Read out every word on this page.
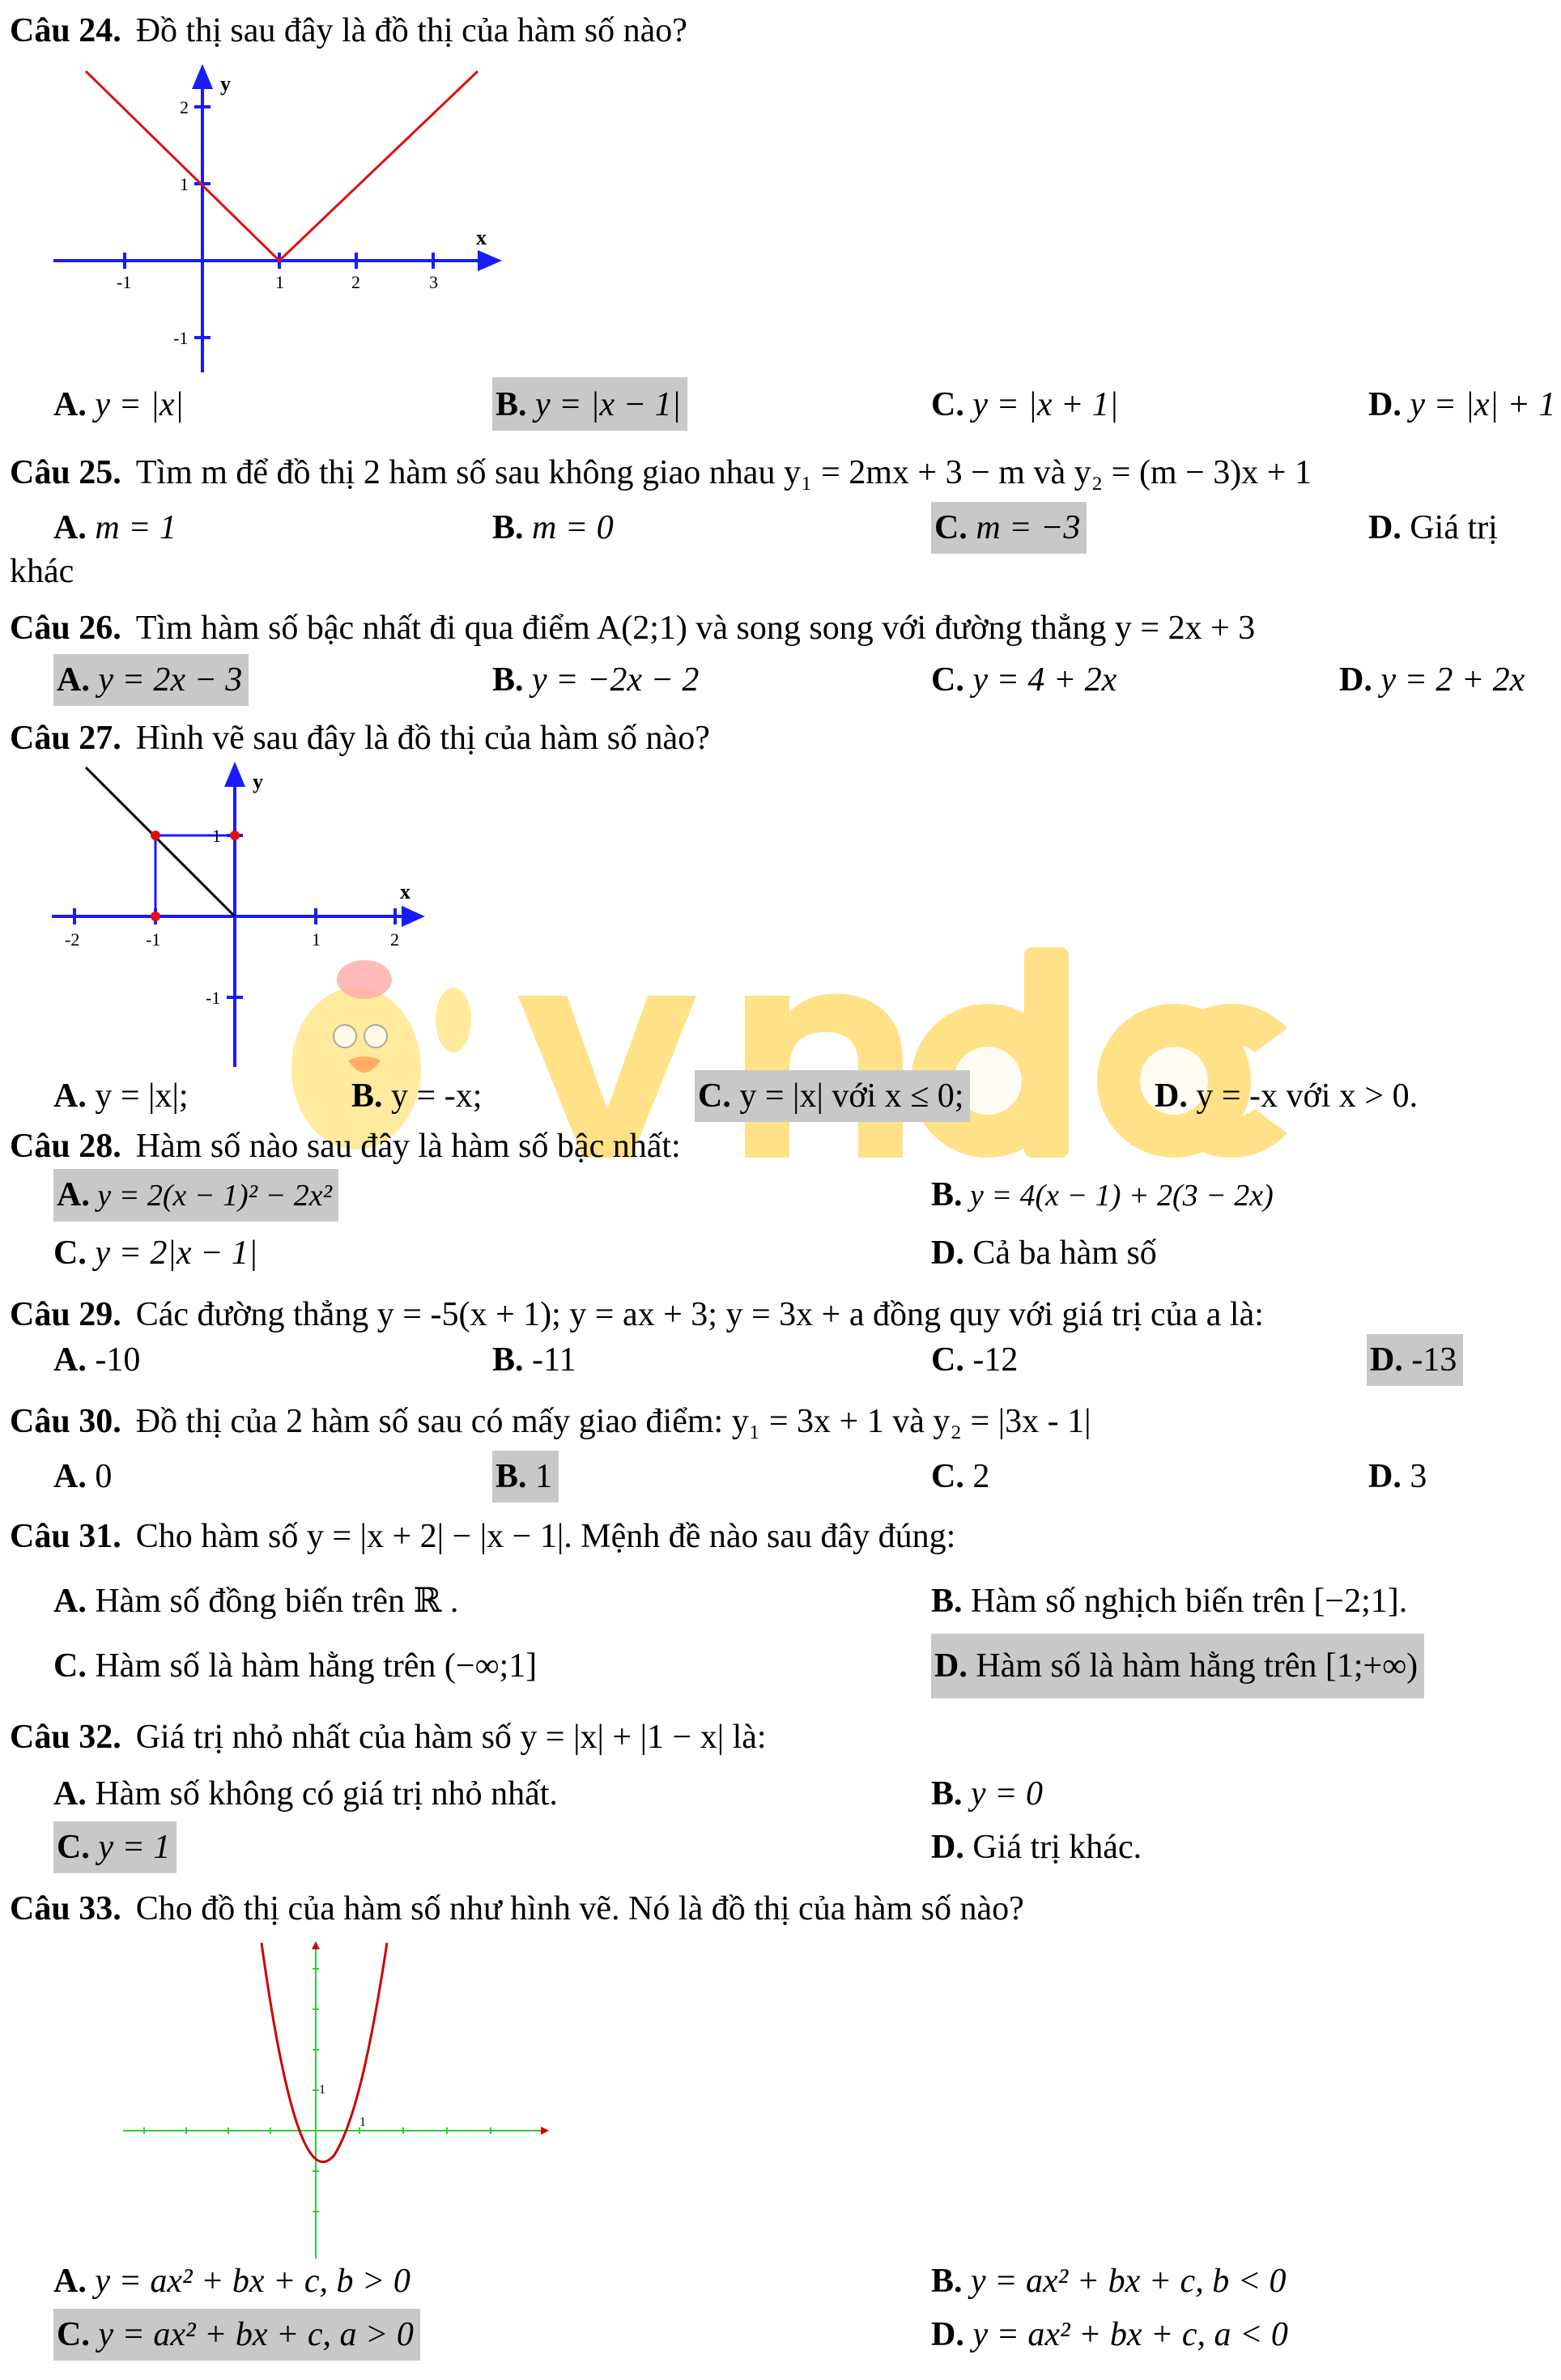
Câu 24. Đồ thị sau đây là đồ thị của hàm số nào?
-1	1	2	3
2
1
-1
x
y
A. y = |x|	B. y = |x − 1|	C. y = |x + 1|	D. y = |x| + 1
Câu 25. Tìm m để đồ thị 2 hàm số sau không giao nhau y₁ = 2mx + 3 − m và y₂ = (m − 3)x + 1
A. m = 1	B. m = 0	C. m = −3	D. Giá trị
khác
Câu 26. Tìm hàm số bậc nhất đi qua điểm A(2;1) và song song với đường thẳng y = 2x + 3
A. y = 2x − 3	B. y = −2x − 2	C. y = 4 + 2x	D. y = 2 + 2x
Câu 27. Hình vẽ sau đây là đồ thị của hàm số nào?
-2	-1	1	2
1
-1
x
y
A. y = |x|;	B. y = -x;	C. y = |x| với x ≤ 0;	D. y = -x với x > 0.
Câu 28. Hàm số nào sau đây là hàm số bậc nhất:
A. y = 2(x − 1)² − 2x²	B. y = 4(x − 1) + 2(3 − 2x)
C. y = 2|x − 1|	D. Cả ba hàm số
Câu 29. Các đường thẳng y = -5(x + 1); y = ax + 3; y = 3x + a đồng quy với giá trị của a là:
A. -10	B. -11	C. -12	D. -13
Câu 30. Đồ thị của 2 hàm số sau có mấy giao điểm: y₁ = 3x + 1 và y₂ = |3x - 1|
A. 0	B. 1	C. 2	D. 3
Câu 31. Cho hàm số y = |x + 2| − |x − 1|. Mệnh đề nào sau đây đúng:
A. Hàm số đồng biến trên ℝ .	B. Hàm số nghịch biến trên [−2;1].
C. Hàm số là hàm hằng trên (−∞;1]	D. Hàm số là hàm hằng trên [1;+∞)
Câu 32. Giá trị nhỏ nhất của hàm số y = |x| + |1 − x| là:
A. Hàm số không có giá trị nhỏ nhất.	B. y = 0
C. y = 1	D. Giá trị khác.
Câu 33. Cho đồ thị của hàm số như hình vẽ. Nó là đồ thị của hàm số nào?
1
1
A. y = ax² + bx + c, b > 0	B. y = ax² + bx + c, b < 0
C. y = ax² + bx + c, a > 0	D. y = ax² + bx + c, a < 0
